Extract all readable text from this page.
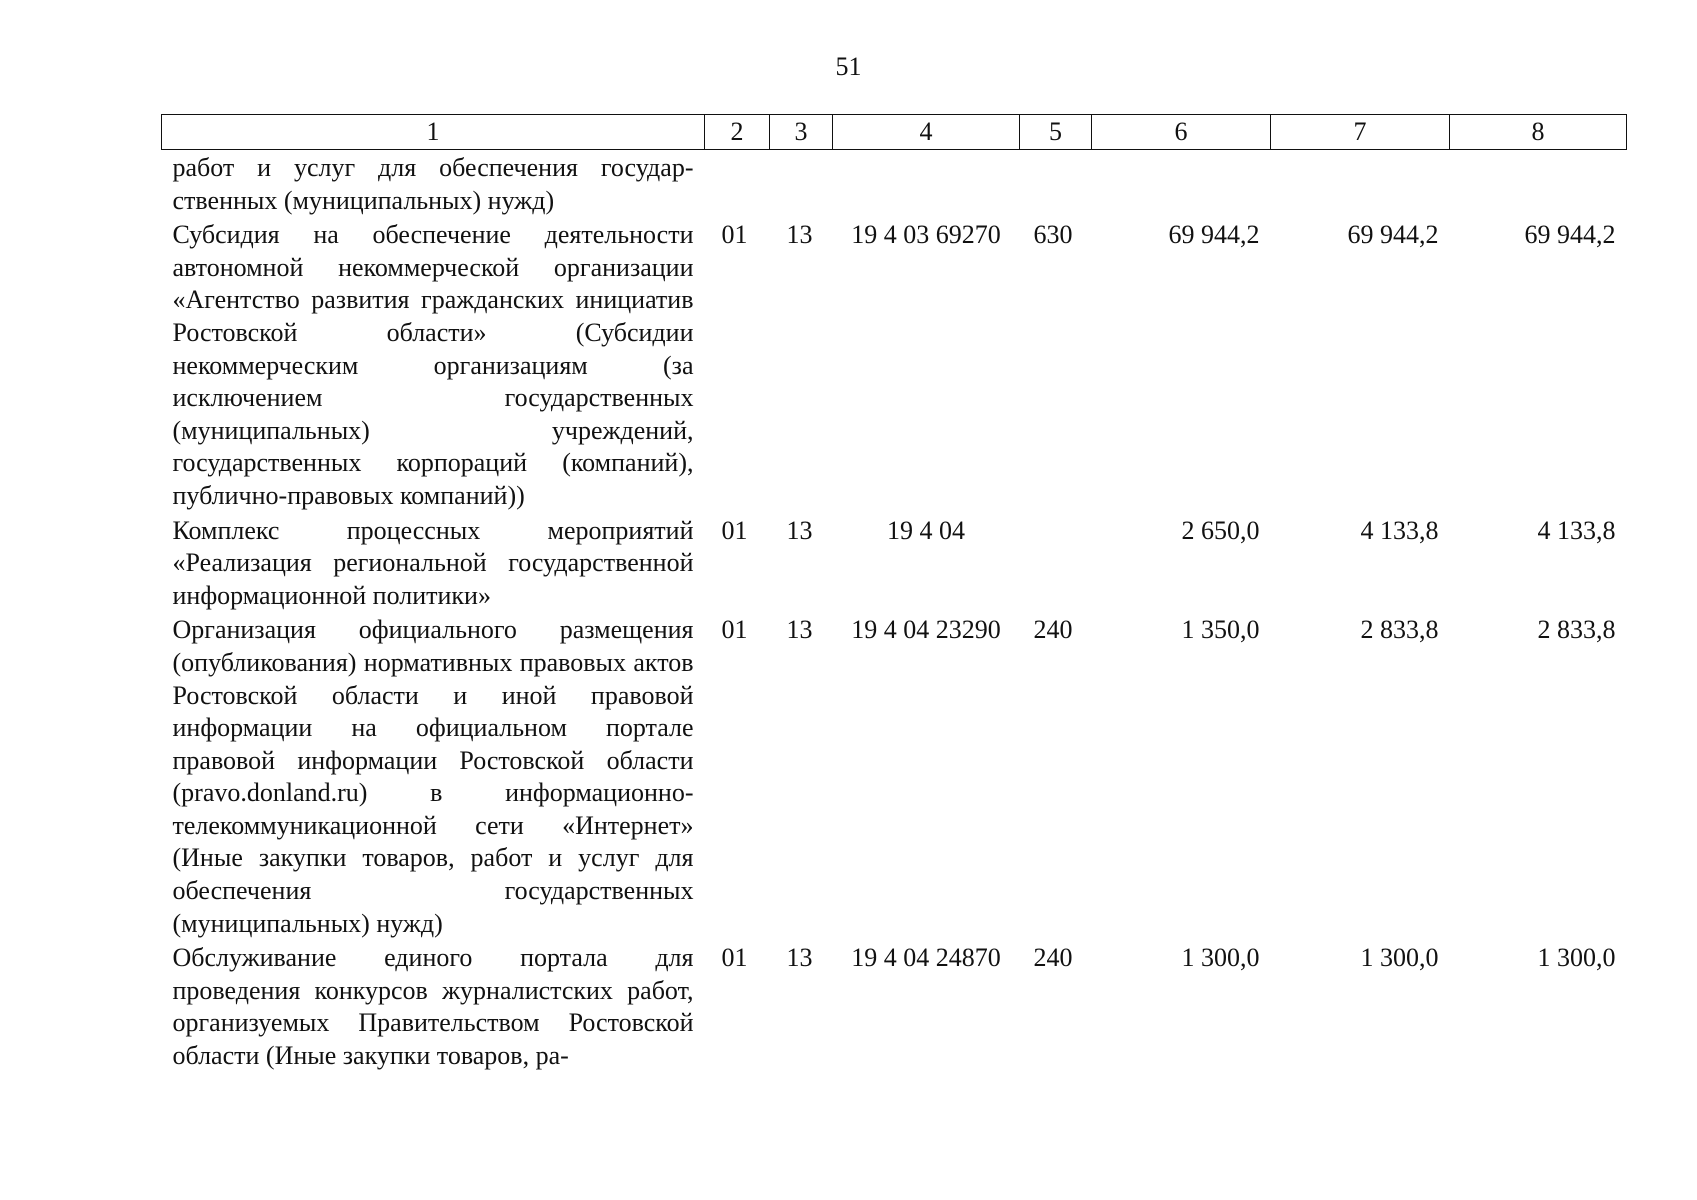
51
1	2	3	4	5	6	7	8
работ и услуг для обеспечения государ-ственных (муниципальных) нужд)							
Субсидия на обеспечение деятельности автономной некоммерческой организации «Агентство развития гражданских инициатив Ростовской области» (Субсидии некоммерческим организациям (за исключением государственных (муниципальных) учреждений, государственных корпораций (компаний), публично-правовых компаний))	01	13	19 4 03 69270	630	69 944,2	69 944,2	69 944,2
Комплекс процессных мероприятий «Реализация региональной государственной информационной политики»	01	13	19 4 04		2 650,0	4 133,8	4 133,8
Организация официального размещения (опубликования) нормативных правовых актов Ростовской области и иной правовой информации на официальном портале правовой информации Ростовской области (pravo.donland.ru) в информационно-телекоммуникационной сети «Интернет» (Иные закупки товаров, работ и услуг для обеспечения государственных (муниципальных) нужд)	01	13	19 4 04 23290	240	1 350,0	2 833,8	2 833,8
Обслуживание единого портала для проведения конкурсов журналистских работ, организуемых Правительством Ростовской области (Иные закупки товаров, ра-	01	13	19 4 04 24870	240	1 300,0	1 300,0	1 300,0
